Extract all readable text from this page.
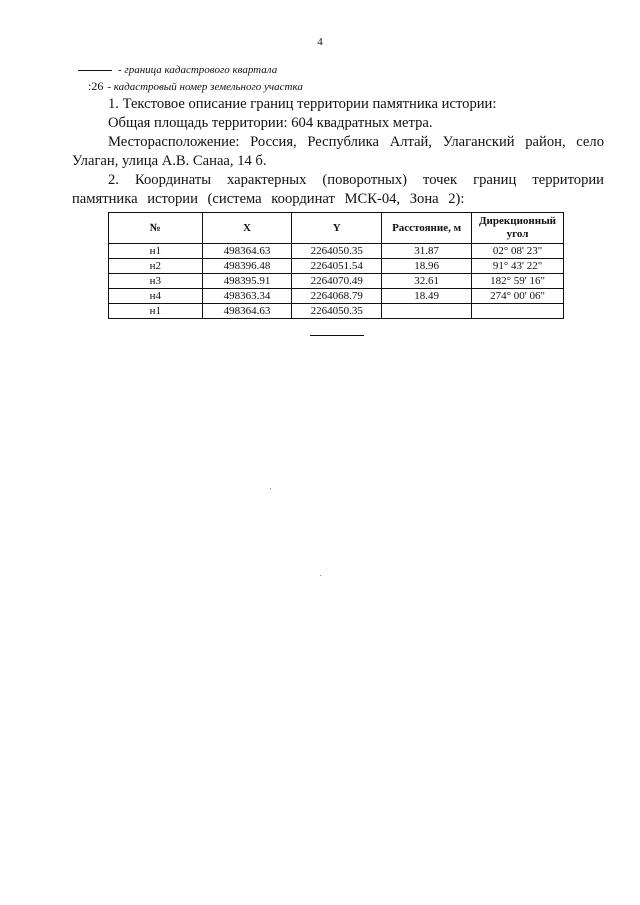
4
- граница кадастрового квартала
:26 - кадастровый номер земельного участка
1. Текстовое описание границ территории памятника истории:
Общая площадь территории: 604 квадратных метра.
Месторасположение: Россия, Республика Алтай, Улаганский район, село Улаган, улица А.В. Санаа, 14 б.
2. Координаты характерных (поворотных) точек границ территории памятника истории (система координат МСК-04, Зона 2):
№	X	Y	Расстояние, м	Дирекционный угол
н1	498364.63	2264050.35	31.87	02° 08' 23"
н2	498396.48	2264051.54	18.96	91° 43' 22"
н3	498395.91	2264070.49	32.61	182° 59' 16"
н4	498363.34	2264068.79	18.49	274° 00' 06"
н1	498364.63	2264050.35		
